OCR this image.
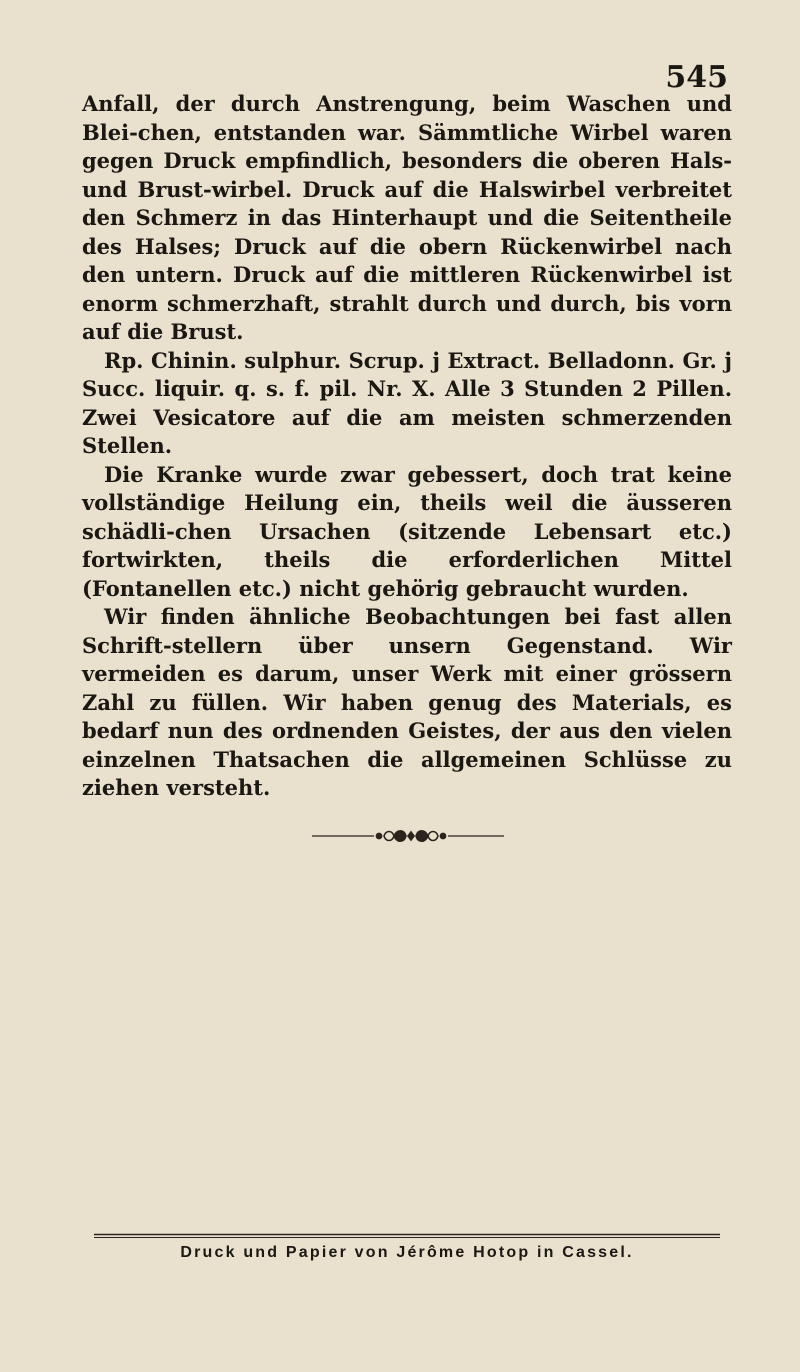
545

Anfall, der durch Anstrengung, beim Waschen und Blei-chen, entstanden war. Sämmtliche Wirbel waren gegen Druck empfindlich, besonders die oberen Hals- und Brust-wirbel. Druck auf die Halswirbel verbreitet den Schmerz in das Hinterhaupt und die Seitentheile des Halses; Druck auf die obern Rückenwirbel nach den untern. Druck auf die mittleren Rückenwirbel ist enorm schmerzhaft, strahlt durch und durch, bis vorn auf die Brust.

Rp. Chinin. sulphur. Scrup. j Extract. Belladonn. Gr. j Succ. liquir. q. s. f. pil. Nr. X. Alle 3 Stunden 2 Pillen. Zwei Vesicatore auf die am meisten schmerzenden Stellen.

Die Kranke wurde zwar gebessert, doch trat keine vollständige Heilung ein, theils weil die äusseren schädli-chen Ursachen (sitzende Lebensart etc.) fortwirkten, theils die erforderlichen Mittel (Fontanellen etc.) nicht gehörig gebraucht wurden.

Wir finden ähnliche Beobachtungen bei fast allen Schrift-stellern über unsern Gegenstand. Wir vermeiden es darum, unser Werk mit einer grössern Zahl zu füllen. Wir haben genug des Materials, es bedarf nun des ordnenden Geistes, der aus den vielen einzelnen Thatsachen die allgemeinen Schlüsse zu ziehen versteht.

Druck und Papier von Jérôme Hotop in Cassel.
